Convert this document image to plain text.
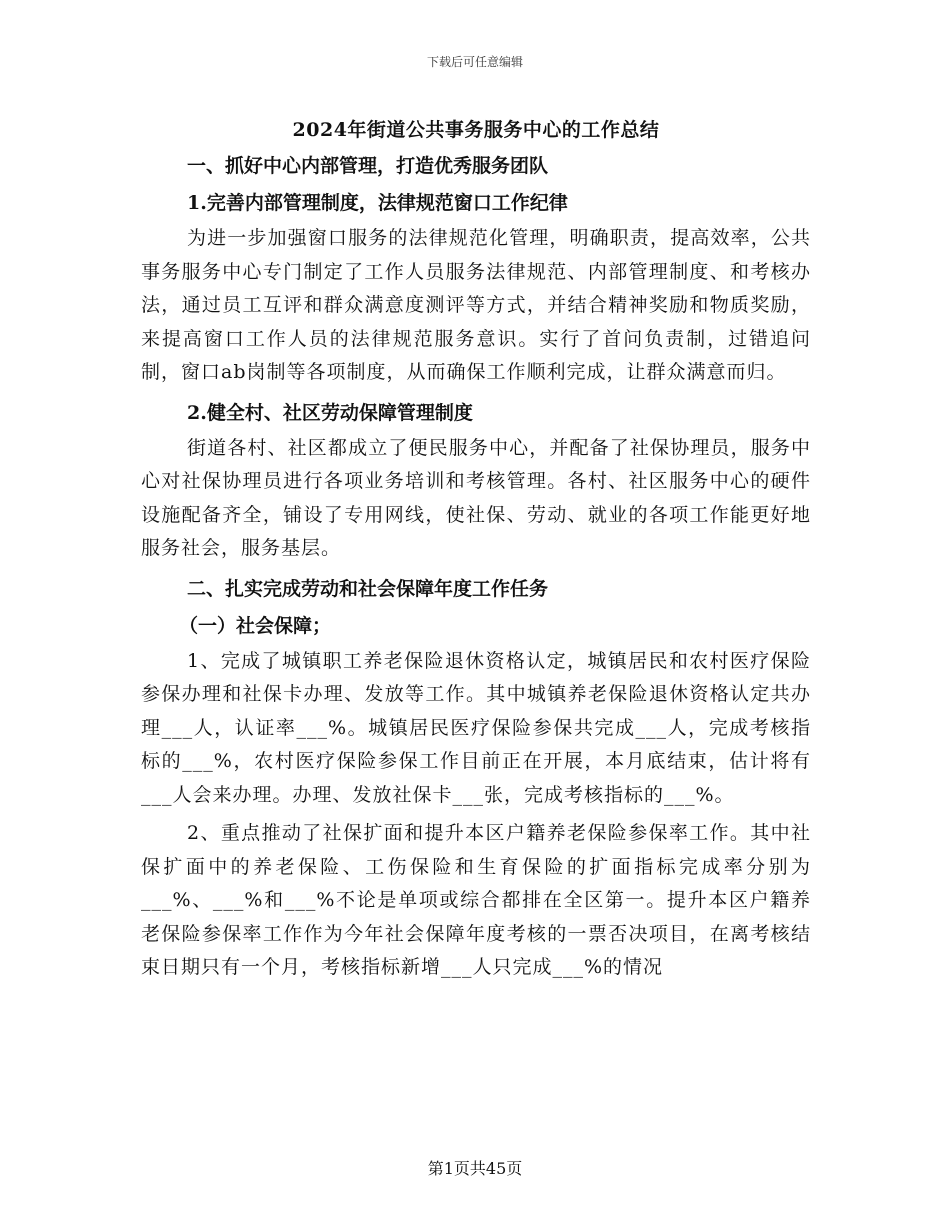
下载后可任意编辑
2024年街道公共事务服务中心的工作总结

一、抓好中心内部管理，打造优秀服务团队

1.完善内部管理制度，法律规范窗口工作纪律

为进一步加强窗口服务的法律规范化管理，明确职责，提高效率，公共事务服务中心专门制定了工作人员服务法律规范、内部管理制度、和考核办法，通过员工互评和群众满意度测评等方式，并结合精神奖励和物质奖励，来提高窗口工作人员的法律规范服务意识。实行了首问负责制，过错追问制，窗口ab岗制等各项制度，从而确保工作顺利完成，让群众满意而归。

2.健全村、社区劳动保障管理制度

街道各村、社区都成立了便民服务中心，并配备了社保协理员，服务中心对社保协理员进行各项业务培训和考核管理。各村、社区服务中心的硬件设施配备齐全，铺设了专用网线，使社保、劳动、就业的各项工作能更好地服务社会，服务基层。

二、扎实完成劳动和社会保障年度工作任务

（一）社会保障；

1、完成了城镇职工养老保险退休资格认定，城镇居民和农村医疗保险参保办理和社保卡办理、发放等工作。其中城镇养老保险退休资格认定共办理___人，认证率___%。城镇居民医疗保险参保共完成___人，完成考核指标的___%，农村医疗保险参保工作目前正在开展，本月底结束，估计将有___人会来办理。办理、发放社保卡___张，完成考核指标的___%。

2、重点推动了社保扩面和提升本区户籍养老保险参保率工作。其中社保扩面中的养老保险、工伤保险和生育保险的扩面指标完成率分别为___%、___%和___%不论是单项或综合都排在全区第一。提升本区户籍养老保险参保率工作作为今年社会保障年度考核的一票否决项目，在离考核结束日期只有一个月，考核指标新增___人只完成___%的情况

第1页共45页
